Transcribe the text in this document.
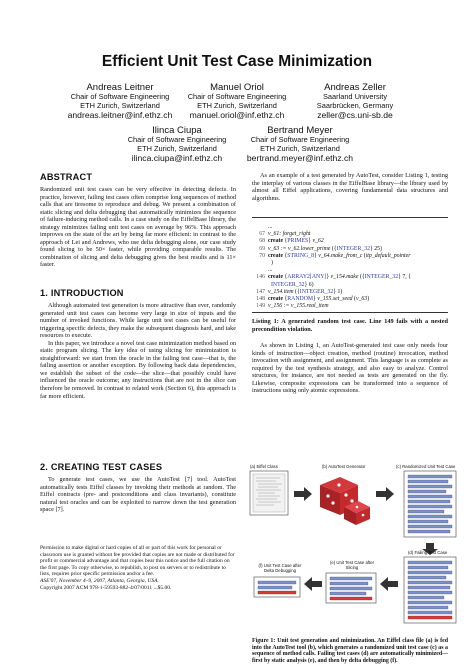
Efficient Unit Test Case Minimization
Andreas Leitner
Chair of Software Engineering
ETH Zurich, Switzerland
andreas.leitner@inf.ethz.ch
Manuel Oriol
Chair of Software Engineering
ETH Zurich, Switzerland
manuel.oriol@inf.ethz.ch
Andreas Zeller
Saarland University
Saarbrücken, Germany
zeller@cs.uni-sb.de
Ilinca Ciupa
Chair of Software Engineering
ETH Zurich, Switzerland
ilinca.ciupa@inf.ethz.ch
Bertrand Meyer
Chair of Software Engineering
ETH Zurich, Switzerland
bertrand.meyer@inf.ethz.ch
ABSTRACT

Randomized unit test cases can be very effective in detecting defects. In practice, however, failing test cases often comprise long sequences of method calls that are tiresome to reproduce and debug. We present a combination of static slicing and delta debugging that automatically minimizes the sequence of failure-inducing method calls. In a case study on the EiffelBase library, the strategy minimizes failing unit test cases on average by 96%. This approach improves on the state of the art by being far more efficient: in contrast to the approach of Lei and Andrews, who use delta debugging alone, our case study found slicing to be 50× faster, while providing comparable results. The combination of slicing and delta debugging gives the best results and is 11× faster.

1. INTRODUCTION

Although automated test generation is more attractive than ever, randomly generated unit test cases can become very large in size of inputs and the number of invoked functions. While large unit test cases can be useful for triggering specific defects, they make the subsequent diagnosis hard, and take resources to execute.

In this paper, we introduce a novel test case minimization method based on static program slicing. The key idea of using slicing for minimization is straightforward: we start from the oracle in the failing test case—that is, the failing assertion or another exception. By following back data dependencies, we establish the subset of the code—the slice—that possibly could have influenced the oracle outcome; any instructions that are not in the slice can therefore be removed. In contrast to related work (Section 6), this approach is far more efficient.

2. CREATING TEST CASES

To generate test cases, we use the AutoTest [7] tool. AutoTest automatically tests Eiffel classes by invoking their methods at random. The Eiffel contracts (pre- and postconditions and class invariants), constitute natural test oracles and can be exploited to narrow down the test generation space [7].

Permission to make digital or hard copies of all or part of this work for personal or classroom use is granted without fee provided that copies are not made or distributed for profit or commercial advantage and that copies bear this notice and the full citation on the first page. To copy otherwise, to republish, to post on servers or to redistribute to lists, requires prior specific permission and/or a fee.
ASE'07, November 4–9, 2007, Atlanta, Georgia, USA.
Copyright 2007 ACM 978-1-59593-882-4/07/0011 ...$5.00.

As an example of a test generated by AutoTest, consider Listing 1, testing the interplay of various classes in the EiffelBase library—the library used by almost all Eiffel applications, covering fundamental data structures and algorithms.

...
67 v_61: forget_right
68 create {PRIMES} v_62
69 v_63 := v_62.lower_prime ({INTEGER_32} 25)
70 create {STRING_8} v_64.make_from_c (itp_default_pointer
)
...
146 create {ARRAY2[ANY]} v_154.make ({INTEGER_32} 7, {
INTEGER_32} 6)
147 v_154.item ({INTEGER_32} 1)
148 create {RANDOM} v_155.set_seed (v_63)
149 v_156 := v_155.real_item
Listing 1: A generated random test case. Line 149 fails with a nested precondition violation.

As shown in Listing 1, an AutoTest-generated test case only needs four kinds of instruction—object creation, method (routine) invocation, method invocation with assignment, and assignment. This language is as complete as required by the test synthesis strategy, and also easy to analyze. Control structures, for instance, are not needed as tests are generated on the fly. Likewise, composite expressions can be transformed into a sequence of instructions using only atomic expressions.

(a) Eiffel Class	(b) AutoTest Generator	(c) Randomized Unit Test Case
(f) Unit Test Case after Delta Debugging
(e) Unit Test Case after Slicing
(d) Failing Test Case
Figure 1: Unit test generation and minimization. An Eiffel class file (a) is fed into the AutoTest tool (b), which generates a randomized unit test case (c) as a sequence of method calls. Failing test cases (d) are automatically minimized—first by static analysis (e), and then by delta debugging (f).
